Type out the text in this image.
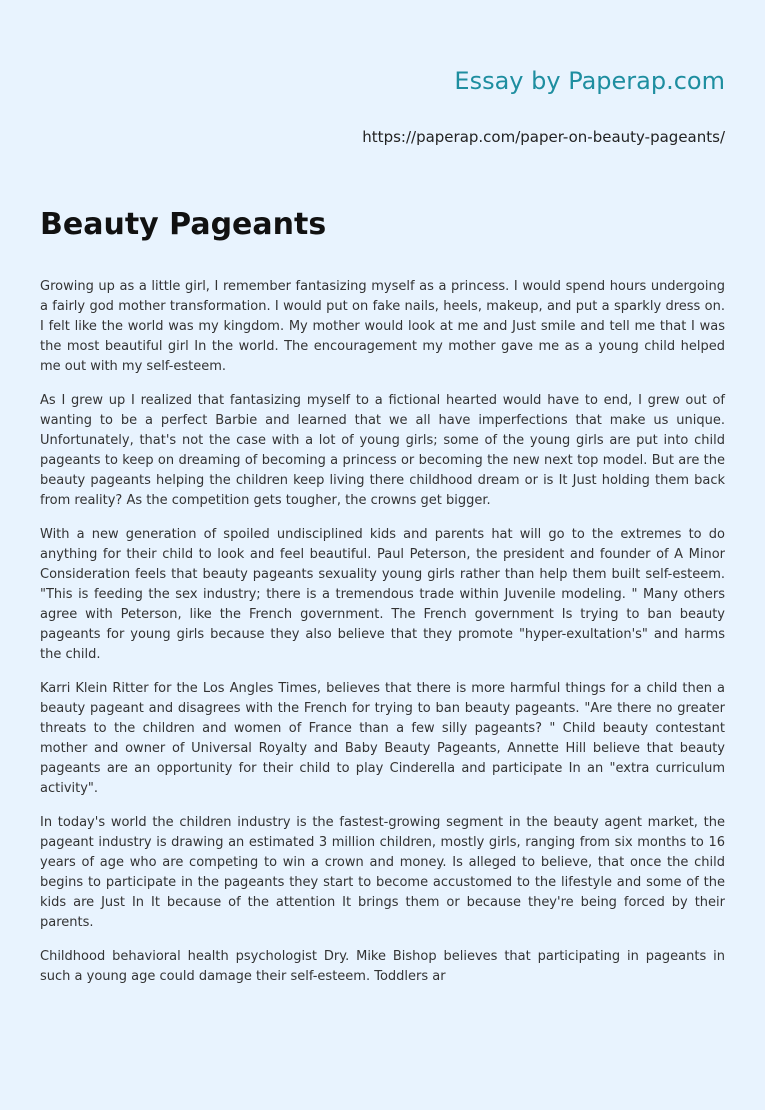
Essay by Paperap.com
https://paperap.com/paper-on-beauty-pageants/
Beauty Pageants

Growing up as a little girl, I remember fantasizing myself as a princess. I would spend hours undergoing a fairly god mother transformation. I would put on fake nails, heels, makeup, and put a sparkly dress on. I felt like the world was my kingdom. My mother would look at me and Just smile and tell me that I was the most beautiful girl In the world. The encouragement my mother gave me as a young child helped me out with my self-esteem.

As I grew up I realized that fantasizing myself to a fictional hearted would have to end, I grew out of wanting to be a perfect Barbie and learned that we all have imperfections that make us unique. Unfortunately, that's not the case with a lot of young girls; some of the young girls are put into child pageants to keep on dreaming of becoming a princess or becoming the new next top model. But are the beauty pageants helping the children keep living there childhood dream or is It Just holding them back from reality? As the competition gets tougher, the crowns get bigger.

With a new generation of spoiled undisciplined kids and parents hat will go to the extremes to do anything for their child to look and feel beautiful. Paul Peterson, the president and founder of A Minor Consideration feels that beauty pageants sexuality young girls rather than help them built self-esteem. "This is feeding the sex industry; there is a tremendous trade within Juvenile modeling. " Many others agree with Peterson, like the French government. The French government Is trying to ban beauty pageants for young girls because they also believe that they promote "hyper-exultation's" and harms the child.

Karri Klein Ritter for the Los Angles Times, believes that there is more harmful things for a child then a beauty pageant and disagrees with the French for trying to ban beauty pageants. "Are there no greater threats to the children and women of France than a few silly pageants? " Child beauty contestant mother and owner of Universal Royalty and Baby Beauty Pageants, Annette Hill believe that beauty pageants are an opportunity for their child to play Cinderella and participate In an "extra curriculum activity".

In today's world the children industry is the fastest-growing segment in the beauty agent market, the pageant industry is drawing an estimated 3 million children, mostly girls, ranging from six months to 16 years of age who are competing to win a crown and money. Is alleged to believe, that once the child begins to participate in the pageants they start to become accustomed to the lifestyle and some of the kids are Just In It because of the attention It brings them or because they're being forced by their parents.

Childhood behavioral health psychologist Dry. Mike Bishop believes that participating in pageants in such a young age could damage their self-esteem. Toddlers ar
